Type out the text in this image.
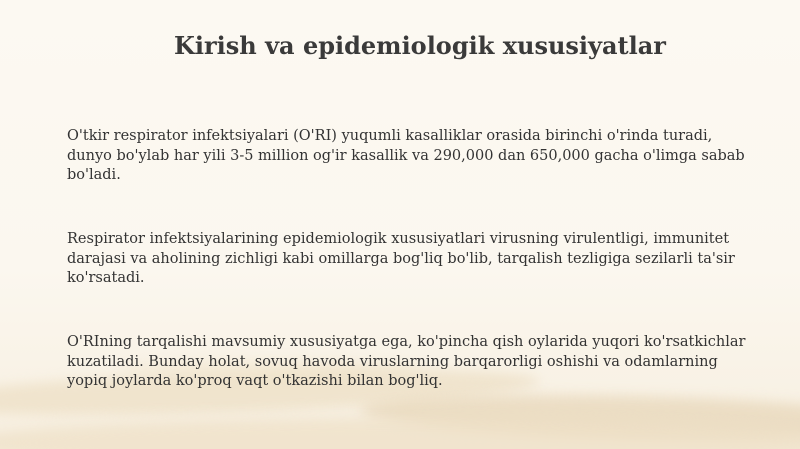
Kirish va epidemiologik xususiyatlar

O'tkir respirator infektsiyalari (O'RI) yuqumli kasalliklar orasida birinchi o'rinda turadi, dunyo bo'ylab har yili 3-5 million og'ir kasallik va 290,000 dan 650,000 gacha o'limga sabab bo'ladi.

Respirator infektsiyalarining epidemiologik xususiyatlari virusning virulentligi, immunitet darajasi va aholining zichligi kabi omillarga bog'liq bo'lib, tarqalish tezligiga sezilarli ta'sir ko'rsatadi.

O'RIning tarqalishi mavsumiy xususiyatga ega, ko'pincha qish oylarida yuqori ko'rsatkichlar kuzatiladi. Bunday holat, sovuq havoda viruslarning barqarorligi oshishi va odamlarning yopiq joylarda ko'proq vaqt o'tkazishi bilan bog'liq.
